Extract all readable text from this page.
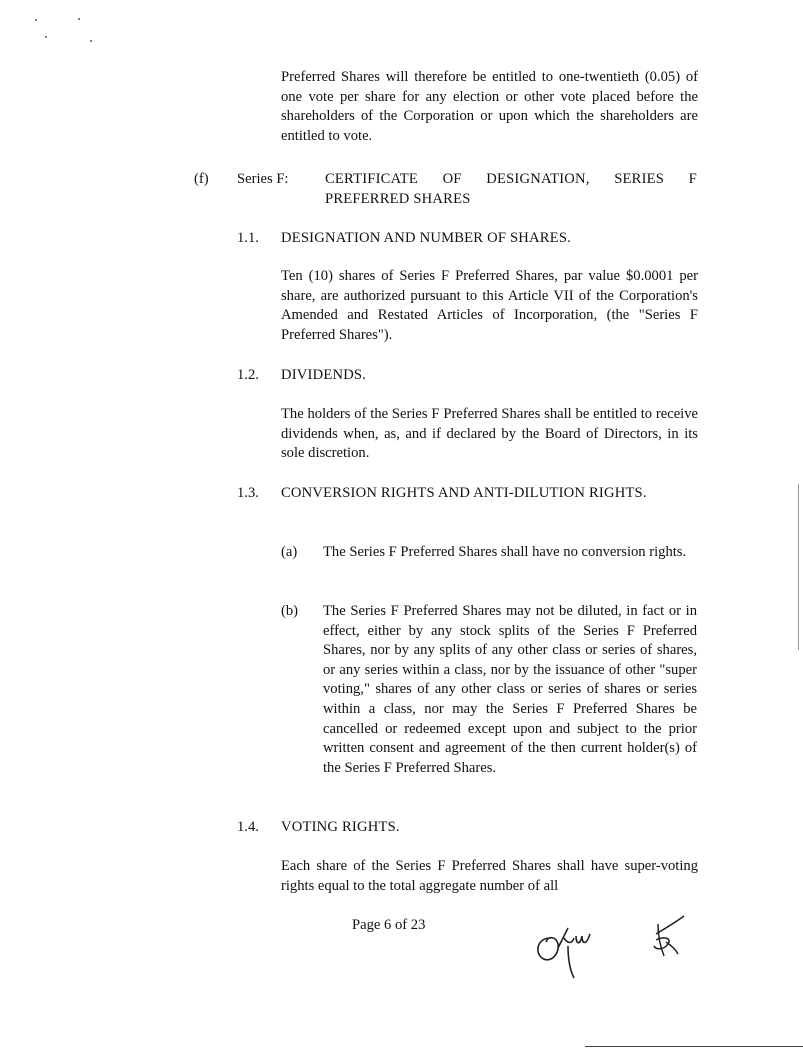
Preferred Shares will therefore be entitled to one-twentieth (0.05) of one vote per share for any election or other vote placed before the shareholders of the Corporation or upon which the shareholders are entitled to vote.
(f) Series F:	CERTIFICATE OF DESIGNATION, SERIES F PREFERRED SHARES
1.1. DESIGNATION AND NUMBER OF SHARES.
Ten (10) shares of Series F Preferred Shares, par value $0.0001 per share, are authorized pursuant to this Article VII of the Corporation's Amended and Restated Articles of Incorporation, (the "Series F Preferred Shares").
1.2. DIVIDENDS.
The holders of the Series F Preferred Shares shall be entitled to receive dividends when, as, and if declared by the Board of Directors, in its sole discretion.
1.3. CONVERSION RIGHTS AND ANTI-DILUTION RIGHTS.
(a) The Series F Preferred Shares shall have no conversion rights.
(b) The Series F Preferred Shares may not be diluted, in fact or in effect, either by any stock splits of the Series F Preferred Shares, nor by any splits of any other class or series of shares, or any series within a class, nor by the issuance of other "super voting," shares of any other class or series of shares or series within a class, nor may the Series F Preferred Shares be cancelled or redeemed except upon and subject to the prior written consent and agreement of the then current holder(s) of the Series F Preferred Shares.
1.4. VOTING RIGHTS.
Each share of the Series F Preferred Shares shall have super-voting rights equal to the total aggregate number of all
Page 6 of 23
